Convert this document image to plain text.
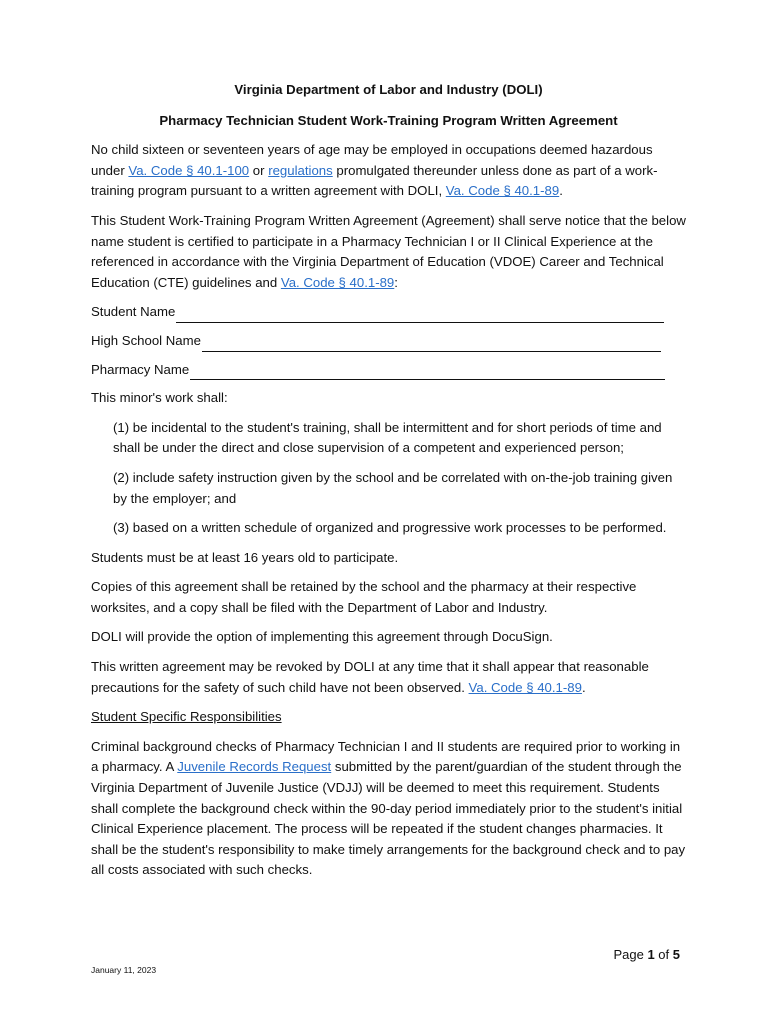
Virginia Department of Labor and Industry (DOLI)
Pharmacy Technician Student Work-Training Program Written Agreement

No child sixteen or seventeen years of age may be employed in occupations deemed hazardous under Va. Code § 40.1-100 or regulations promulgated thereunder unless done as part of a work-training program pursuant to a written agreement with DOLI, Va. Code § 40.1-89.

This Student Work-Training Program Written Agreement (Agreement) shall serve notice that the below name student is certified to participate in a Pharmacy Technician I or II Clinical Experience at the referenced in accordance with the Virginia Department of Education (VDOE) Career and Technical Education (CTE) guidelines and Va. Code § 40.1-89:

Student Name
High School Name
Pharmacy Name

This minor's work shall:

(1) be incidental to the student's training, shall be intermittent and for short periods of time and shall be under the direct and close supervision of a competent and experienced person;

(2) include safety instruction given by the school and be correlated with on-the-job training given by the employer; and

(3) based on a written schedule of organized and progressive work processes to be performed.

Students must be at least 16 years old to participate.

Copies of this agreement shall be retained by the school and the pharmacy at their respective worksites, and a copy shall be filed with the Department of Labor and Industry.

DOLI will provide the option of implementing this agreement through DocuSign.

This written agreement may be revoked by DOLI at any time that it shall appear that reasonable precautions for the safety of such child have not been observed. Va. Code § 40.1-89.

Student Specific Responsibilities

Criminal background checks of Pharmacy Technician I and II students are required prior to working in a pharmacy. A Juvenile Records Request submitted by the parent/guardian of the student through the Virginia Department of Juvenile Justice (VDJJ) will be deemed to meet this requirement. Students shall complete the background check within the 90-day period immediately prior to the student's initial Clinical Experience placement. The process will be repeated if the student changes pharmacies. It shall be the student's responsibility to make timely arrangements for the background check and to pay all costs associated with such checks.

Page 1 of 5
January 11, 2023
